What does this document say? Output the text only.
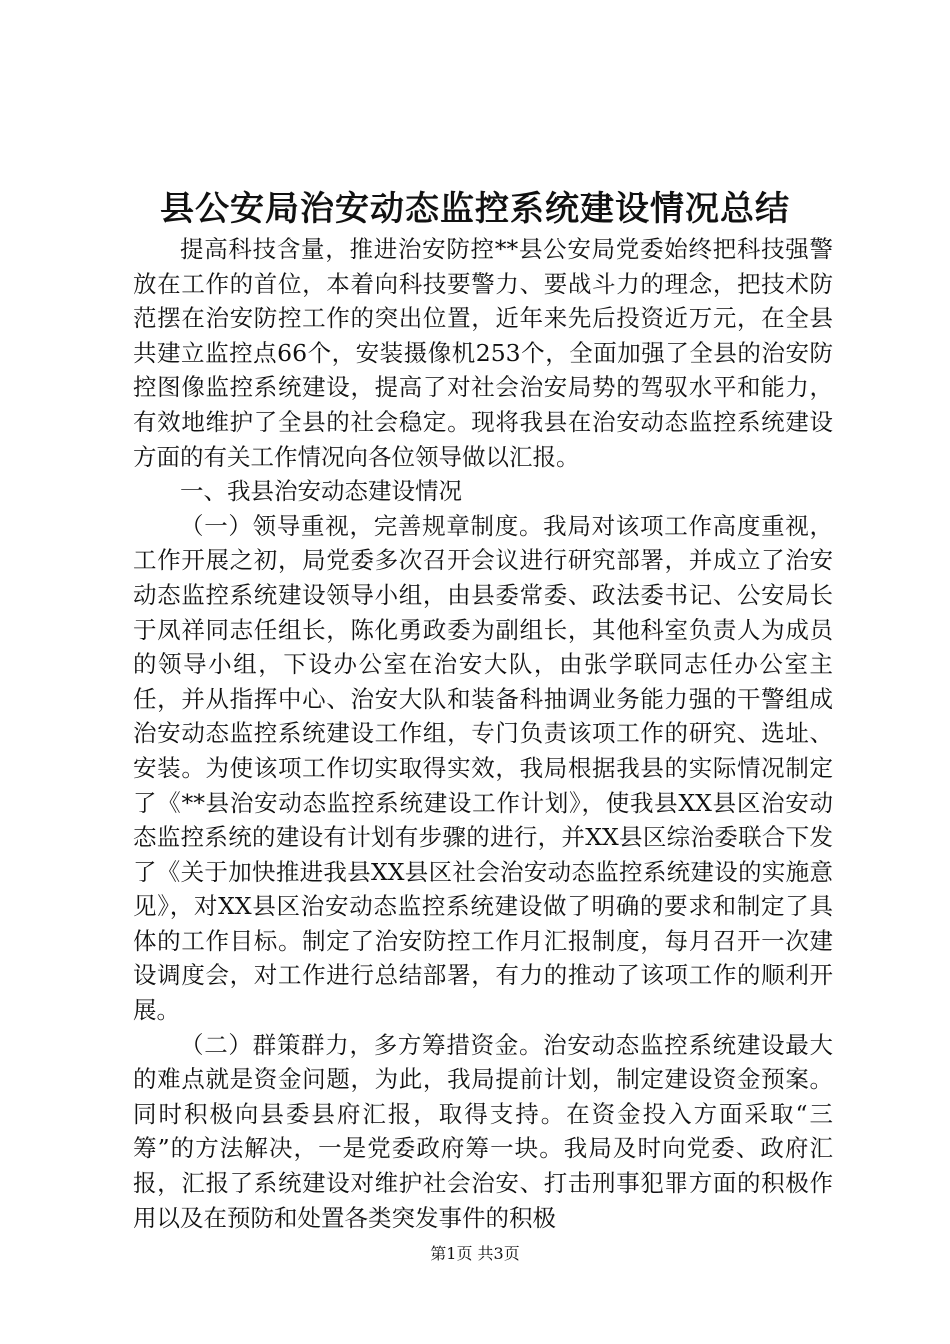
县公安局治安动态监控系统建设情况总结

提高科技含量，推进治安防控**县公安局党委始终把科技强警放在工作的首位，本着向科技要警力、要战斗力的理念，把技术防范摆在治安防控工作的突出位置，近年来先后投资近万元，在全县共建立监控点66个，安装摄像机253个，全面加强了全县的治安防控图像监控系统建设，提高了对社会治安局势的驾驭水平和能力，有效地维护了全县的社会稳定。现将我县在治安动态监控系统建设方面的有关工作情况向各位领导做以汇报。

一、我县治安动态建设情况

（一）领导重视，完善规章制度。我局对该项工作高度重视，工作开展之初，局党委多次召开会议进行研究部署，并成立了治安动态监控系统建设领导小组，由县委常委、政法委书记、公安局长于凤祥同志任组长，陈化勇政委为副组长，其他科室负责人为成员的领导小组，下设办公室在治安大队，由张学联同志任办公室主任，并从指挥中心、治安大队和装备科抽调业务能力强的干警组成治安动态监控系统建设工作组，专门负责该项工作的研究、选址、安装。为使该项工作切实取得实效，我局根据我县的实际情况制定了《**县治安动态监控系统建设工作计划》，使我县XX县区治安动态监控系统的建设有计划有步骤的进行，并XX县区综治委联合下发了《关于加快推进我县XX县区社会治安动态监控系统建设的实施意见》，对XX县区治安动态监控系统建设做了明确的要求和制定了具体的工作目标。制定了治安防控工作月汇报制度，每月召开一次建设调度会，对工作进行总结部署，有力的推动了该项工作的顺利开展。

（二）群策群力，多方筹措资金。治安动态监控系统建设最大的难点就是资金问题，为此，我局提前计划，制定建设资金预案。同时积极向县委县府汇报，取得支持。在资金投入方面采取“三筹”的方法解决，一是党委政府筹一块。我局及时向党委、政府汇报，汇报了系统建设对维护社会治安、打击刑事犯罪方面的积极作用以及在预防和处置各类突发事件的积极

第1页 共3页
